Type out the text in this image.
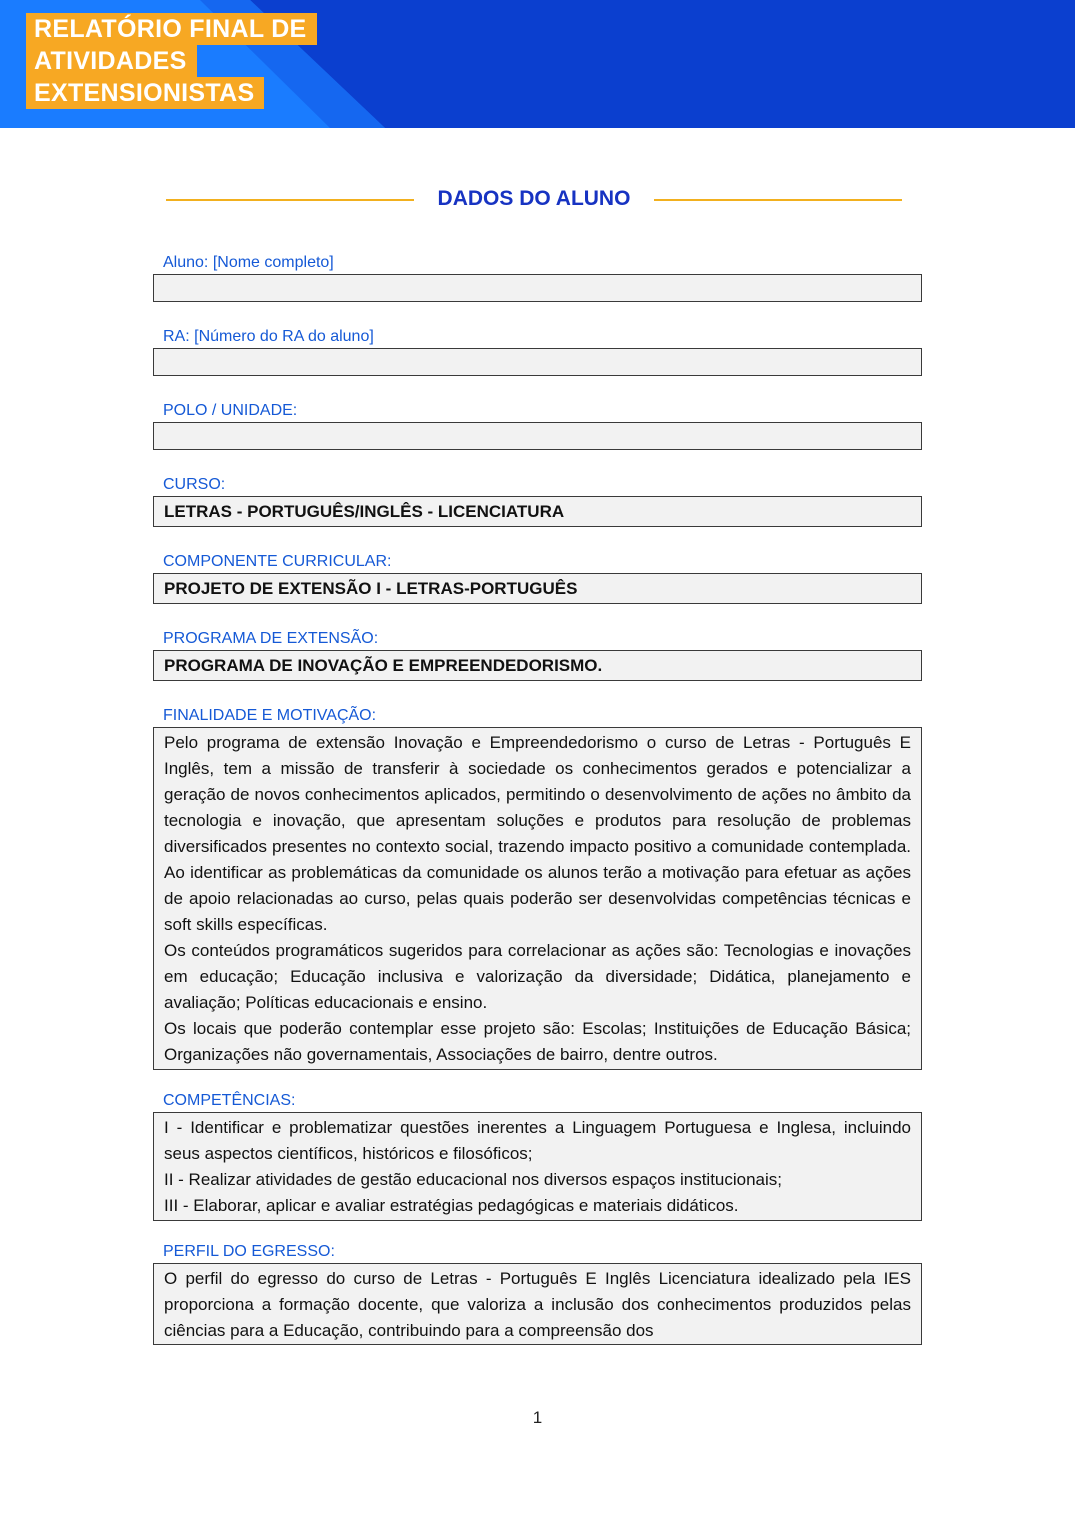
RELATÓRIO FINAL DE
ATIVIDADES
EXTENSIONISTAS
DADOS DO ALUNO
Aluno: [Nome completo]
RA: [Número do RA do aluno]
POLO / UNIDADE:
CURSO:
LETRAS - PORTUGUÊS/INGLÊS - LICENCIATURA
COMPONENTE CURRICULAR:
PROJETO DE EXTENSÃO I - LETRAS-PORTUGUÊS
PROGRAMA DE EXTENSÃO:
PROGRAMA DE INOVAÇÃO E EMPREENDEDORISMO.
FINALIDADE E MOTIVAÇÃO:

Pelo programa de extensão Inovação e Empreendedorismo o curso de Letras - Português E Inglês, tem a missão de transferir à sociedade os conhecimentos gerados e potencializar a geração de novos conhecimentos aplicados, permitindo o desenvolvimento de ações no âmbito da tecnologia e inovação, que apresentam soluções e produtos para resolução de problemas diversificados presentes no contexto social, trazendo impacto positivo a comunidade contemplada. Ao identificar as problemáticas da comunidade os alunos terão a motivação para efetuar as ações de apoio relacionadas ao curso, pelas quais poderão ser desenvolvidas competências técnicas e soft skills específicas.

Os conteúdos programáticos sugeridos para correlacionar as ações são: Tecnologias e inovações em educação; Educação inclusiva e valorização da diversidade; Didática, planejamento e avaliação; Políticas educacionais e ensino.

Os locais que poderão contemplar esse projeto são: Escolas; Instituições de Educação Básica; Organizações não governamentais, Associações de bairro, dentre outros.

COMPETÊNCIAS:

I - Identificar e problematizar questões inerentes a Linguagem Portuguesa e Inglesa, incluindo seus aspectos científicos, históricos e filosóficos;

II - Realizar atividades de gestão educacional nos diversos espaços institucionais;

III - Elaborar, aplicar e avaliar estratégias pedagógicas e materiais didáticos.

PERFIL DO EGRESSO:

O perfil do egresso do curso de Letras - Português E Inglês Licenciatura idealizado pela IES proporciona a formação docente, que valoriza a inclusão dos conhecimentos produzidos pelas ciências para a Educação, contribuindo para a compreensão dos

1
